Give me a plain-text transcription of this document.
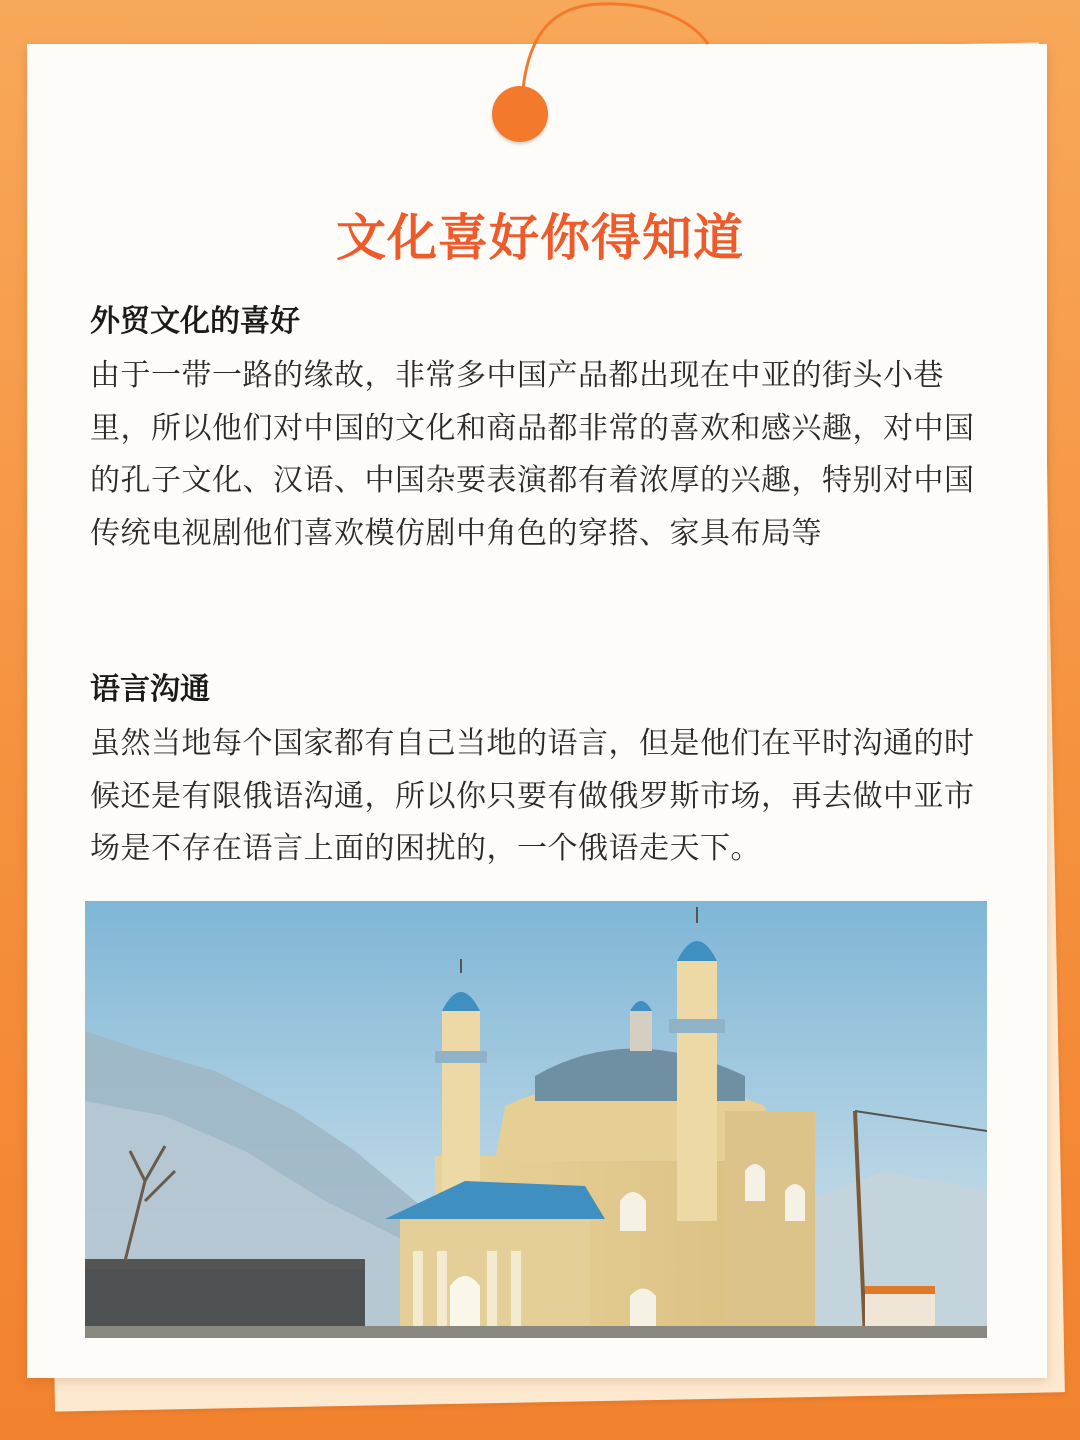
文化喜好你得知道

外贸文化的喜好

由于一带一路的缘故，非常多中国产品都出现在中亚的街头小巷里，所以他们对中国的文化和商品都非常的喜欢和感兴趣，对中国的孔子文化、汉语、中国杂要表演都有着浓厚的兴趣，特别对中国传统电视剧他们喜欢模仿剧中角色的穿搭、家具布局等

语言沟通

虽然当地每个国家都有自己当地的语言，但是他们在平时沟通的时候还是有限俄语沟通，所以你只要有做俄罗斯市场，再去做中亚市场是不存在语言上面的困扰的，一个俄语走天下。
